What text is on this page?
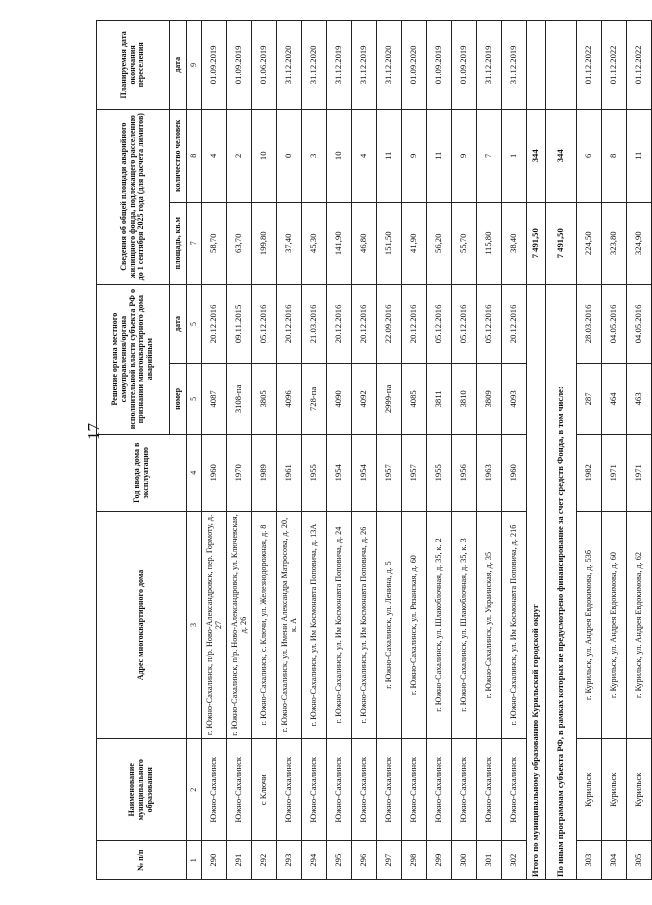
17
№ п/п	Наименование муниципального образования	Адрес многоквартирного дома	Год ввода дома в эксплуатацию	Решение органа местного самоуправления/органа исполнительной власти субъекта РФ о признании многоквартирного дома аварийным		Сведения об общей площади аварийного жилищного фонда, подлежащего расселению до 1 сентября 2025 года (для расчета лимитов)		Планируемая дата окончания переселения
				номер	дата	площадь, кв.м	количество человек	дата
1	2	3	4	5	5	7	8	9
290	Южно-Сахалинск	г. Южно-Сахалинск, п/р. Ново-Александровск, пер. Гормоту, д. 27	1960	4087	20.12.2016	58,70	4	01.09.2019
291	Южно-Сахалинск	г. Южно-Сахалинск, п/р. Ново-Александровск, ул. Ключевская, д. 26	1970	3108-па	09.11.2015	63,70	2	01.09.2019
292	с Ключи	г. Южно-Сахалинск, с. Ключи, ул. Железнодорожная, д. 8	1989	3805	05.12.2016	199,80	10	01.06.2019
293	Южно-Сахалинск	г. Южно-Сахалинск, ул. Имени Александра Матросова, д. 20, к. А	1961	4096	20.12.2016	37,40	0	31.12.2020
294	Южно-Сахалинск	г. Южно-Сахалинск, ул. Им Космонавта Поповича, д. 13А	1955	728-па	21.03.2016	45,30	3	31.12.2020
295	Южно-Сахалинск	г. Южно-Сахалинск, ул. Им Космонавта Поповича, д. 24	1954	4090	20.12.2016	141,90	10	31.12.2019
296	Южно-Сахалинск	г. Южно-Сахалинск, ул. Им Космонавта Поповича, д. 26	1954	4092	20.12.2016	46,80	4	31.12.2019
297	Южно-Сахалинск	г. Южно-Сахалинск, ул. Ленина, д. 5	1957	2999-па	22.09.2016	151,50	11	31.12.2020
298	Южно-Сахалинск	г. Южно-Сахалинск, ул. Рязанская, д. 60	1957	4085	20.12.2016	41,90	9	01.09.2020
299	Южно-Сахалинск	г. Южно-Сахалинск, ул. Шлакоблочная, д. 35, к. 2	1955	3811	05.12.2016	56,20	11	01.09.2019
300	Южно-Сахалинск	г. Южно-Сахалинск, ул. Шлакоблочная, д. 35, к. 3	1956	3810	05.12.2016	55,70	9	01.09.2019
301	Южно-Сахалинск	г. Южно-Сахалинск, ул. Украинская, д. 35	1963	3809	05.12.2016	115,80	7	31.12.2019
302	Южно-Сахалинск	г. Южно-Сахалинск, ул. Им Космонавта Поповича, д. 21б	1960	4093	20.12.2016	38,40	1	31.12.2019
Итого по муниципальному образованию Курильский городской округ						7 491,50	344	
По иным программам субъекта РФ, в рамках которых не предусмотрено финансирование за счет средств Фонда, в том числе:						7 491,50	344	
303	Курильск	г. Курильск, ул. Андрея Евдокимова, д. 53б	1982	287	28.03.2016	224,50	6	01.12.2022
304	Курильск	г. Курильск, ул. Андрея Евдокимова, д. 60	1971	464	04.05.2016	323,80	8	01.12.2022
305	Курильск	г. Курильск, ул. Андрея Евдокимова, д. 62	1971	463	04.05.2016	324,90	11	01.12.2022
